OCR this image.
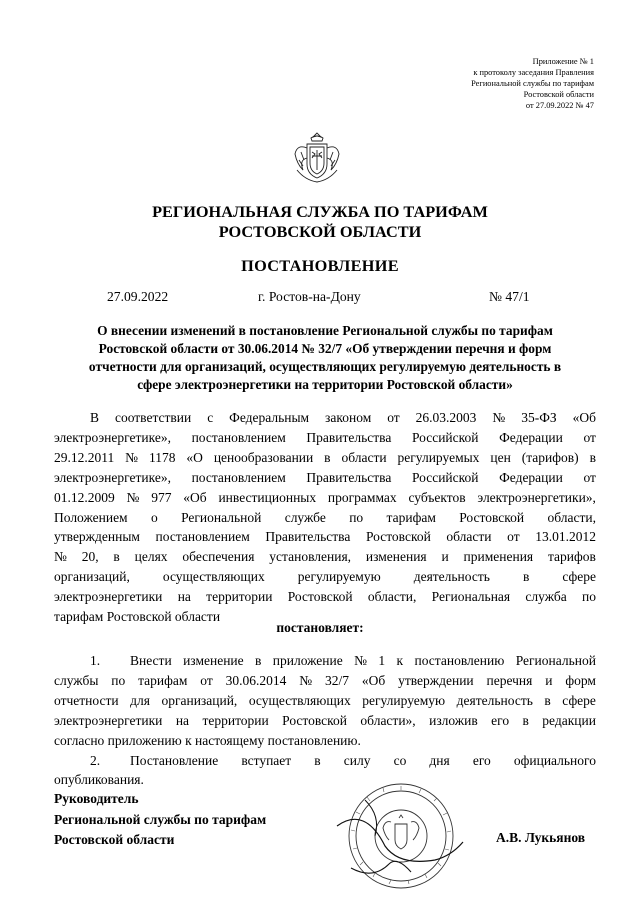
Приложение № 1
к протоколу заседания Правления
Региональной службы по тарифам
Ростовской области
от 27.09.2022 № 47
РЕГИОНАЛЬНАЯ СЛУЖБА ПО ТАРИФАМ
РОСТОВСКОЙ ОБЛАСТИ
ПОСТАНОВЛЕНИЕ
27.09.2022	г. Ростов-на-Дону	№ 47/1
О внесении изменений в постановление Региональной службы по тарифам
Ростовской области от 30.06.2014 № 32/7 «Об утверждении перечня и форм
отчетности для организаций, осуществляющих регулируемую деятельность в
сфере электроэнергетики на территории Ростовской области»
В соответствии с Федеральным законом от 26.03.2003 № 35-ФЗ «Об
электроэнергетике», постановлением Правительства Российской Федерации от
29.12.2011 № 1178 «О ценообразовании в области регулируемых цен (тарифов) в
электроэнергетике», постановлением Правительства Российской Федерации от
01.12.2009 № 977 «Об инвестиционных программах субъектов электроэнергетики»,
Положением о Региональной службе по тарифам Ростовской области,
утвержденным постановлением Правительства Ростовской области от 13.01.2012
№ 20, в целях обеспечения установления, изменения и применения тарифов
организаций, осуществляющих регулируемую деятельность в сфере
электроэнергетики на территории Ростовской области, Региональная служба по
тарифам Ростовской области
постановляет:
1.	Внести изменение в приложение № 1 к постановлению Региональной
службы по тарифам от 30.06.2014 № 32/7 «Об утверждении перечня и форм
отчетности для организаций, осуществляющих регулируемую деятельность в сфере
электроэнергетики на территории Ростовской области», изложив его в редакции
согласно приложению к настоящему постановлению.
2.	Постановление вступает в силу со дня его официального
опубликования.
Руководитель
Региональной службы по тарифам
Ростовской области	А.В. Лукьянов
